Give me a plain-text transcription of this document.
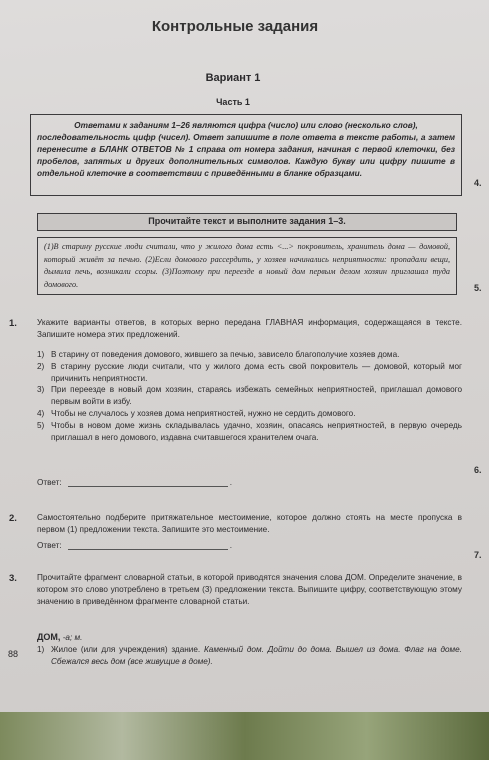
Контрольные задания
Вариант 1
Часть 1
Ответами к заданиям 1–26 являются цифра (число) или слово (несколько слов),
последовательность цифр (чисел). Ответ запишите в поле ответа в тексте работы, а затем перенесите в БЛАНК ОТВЕТОВ № 1 справа от номера задания, начиная с первой клеточки, без пробелов, запятых и других дополнительных символов. Каждую букву или цифру пишите в отдельной клеточке в соответствии с приведёнными в бланке образцами.
Прочитайте текст и выполните задания 1–3.
(1)В старину русские люди считали, что у жилого дома есть <...> покровитель, хранитель дома — домовой, который живёт за печью. (2)Если домового рассердить, у хозяев начинались неприятности: пропадали вещи, дымила печь, возникали ссоры. (3)Поэтому при переезде в новый дом первым делом хозяин приглашал туда домового.
4.
5.
6.
7.
1. Укажите варианты ответов, в которых верно передана ГЛАВНАЯ информация, содержащаяся в тексте. Запишите номера этих предложений.
1) В старину от поведения домового, жившего за печью, зависело благополучие хозяев дома.
2) В старину русские люди считали, что у жилого дома есть свой покровитель — домовой, который мог причинить неприятности.
3) При переезде в новый дом хозяин, стараясь избежать семейных неприятностей, приглашал домового первым войти в избу.
4) Чтобы не случалось у хозяев дома неприятностей, нужно не сердить домового.
5) Чтобы в новом доме жизнь складывалась удачно, хозяин, опасаясь неприятностей, в первую очередь приглашал в него домового, издавна считавшегося хранителем очага.
Ответ:	.
2. Самостоятельно подберите притяжательное местоимение, которое должно стоять на месте пропуска в первом (1) предложении текста. Запишите это местоимение.
Ответ:	.
3. Прочитайте фрагмент словарной статьи, в которой приводятся значения слова ДОМ. Определите значение, в котором это слово употреблено в третьем (3) предложении текста. Выпишите цифру, соответствующую этому значению в приведённом фрагменте словарной статьи.
ДОМ, -а; м.
1) Жилое (или для учреждения) здание. Каменный дом. Дойти до дома. Вышел из дома. Флаг на доме. Сбежался весь дом (все живущие в доме).
88
